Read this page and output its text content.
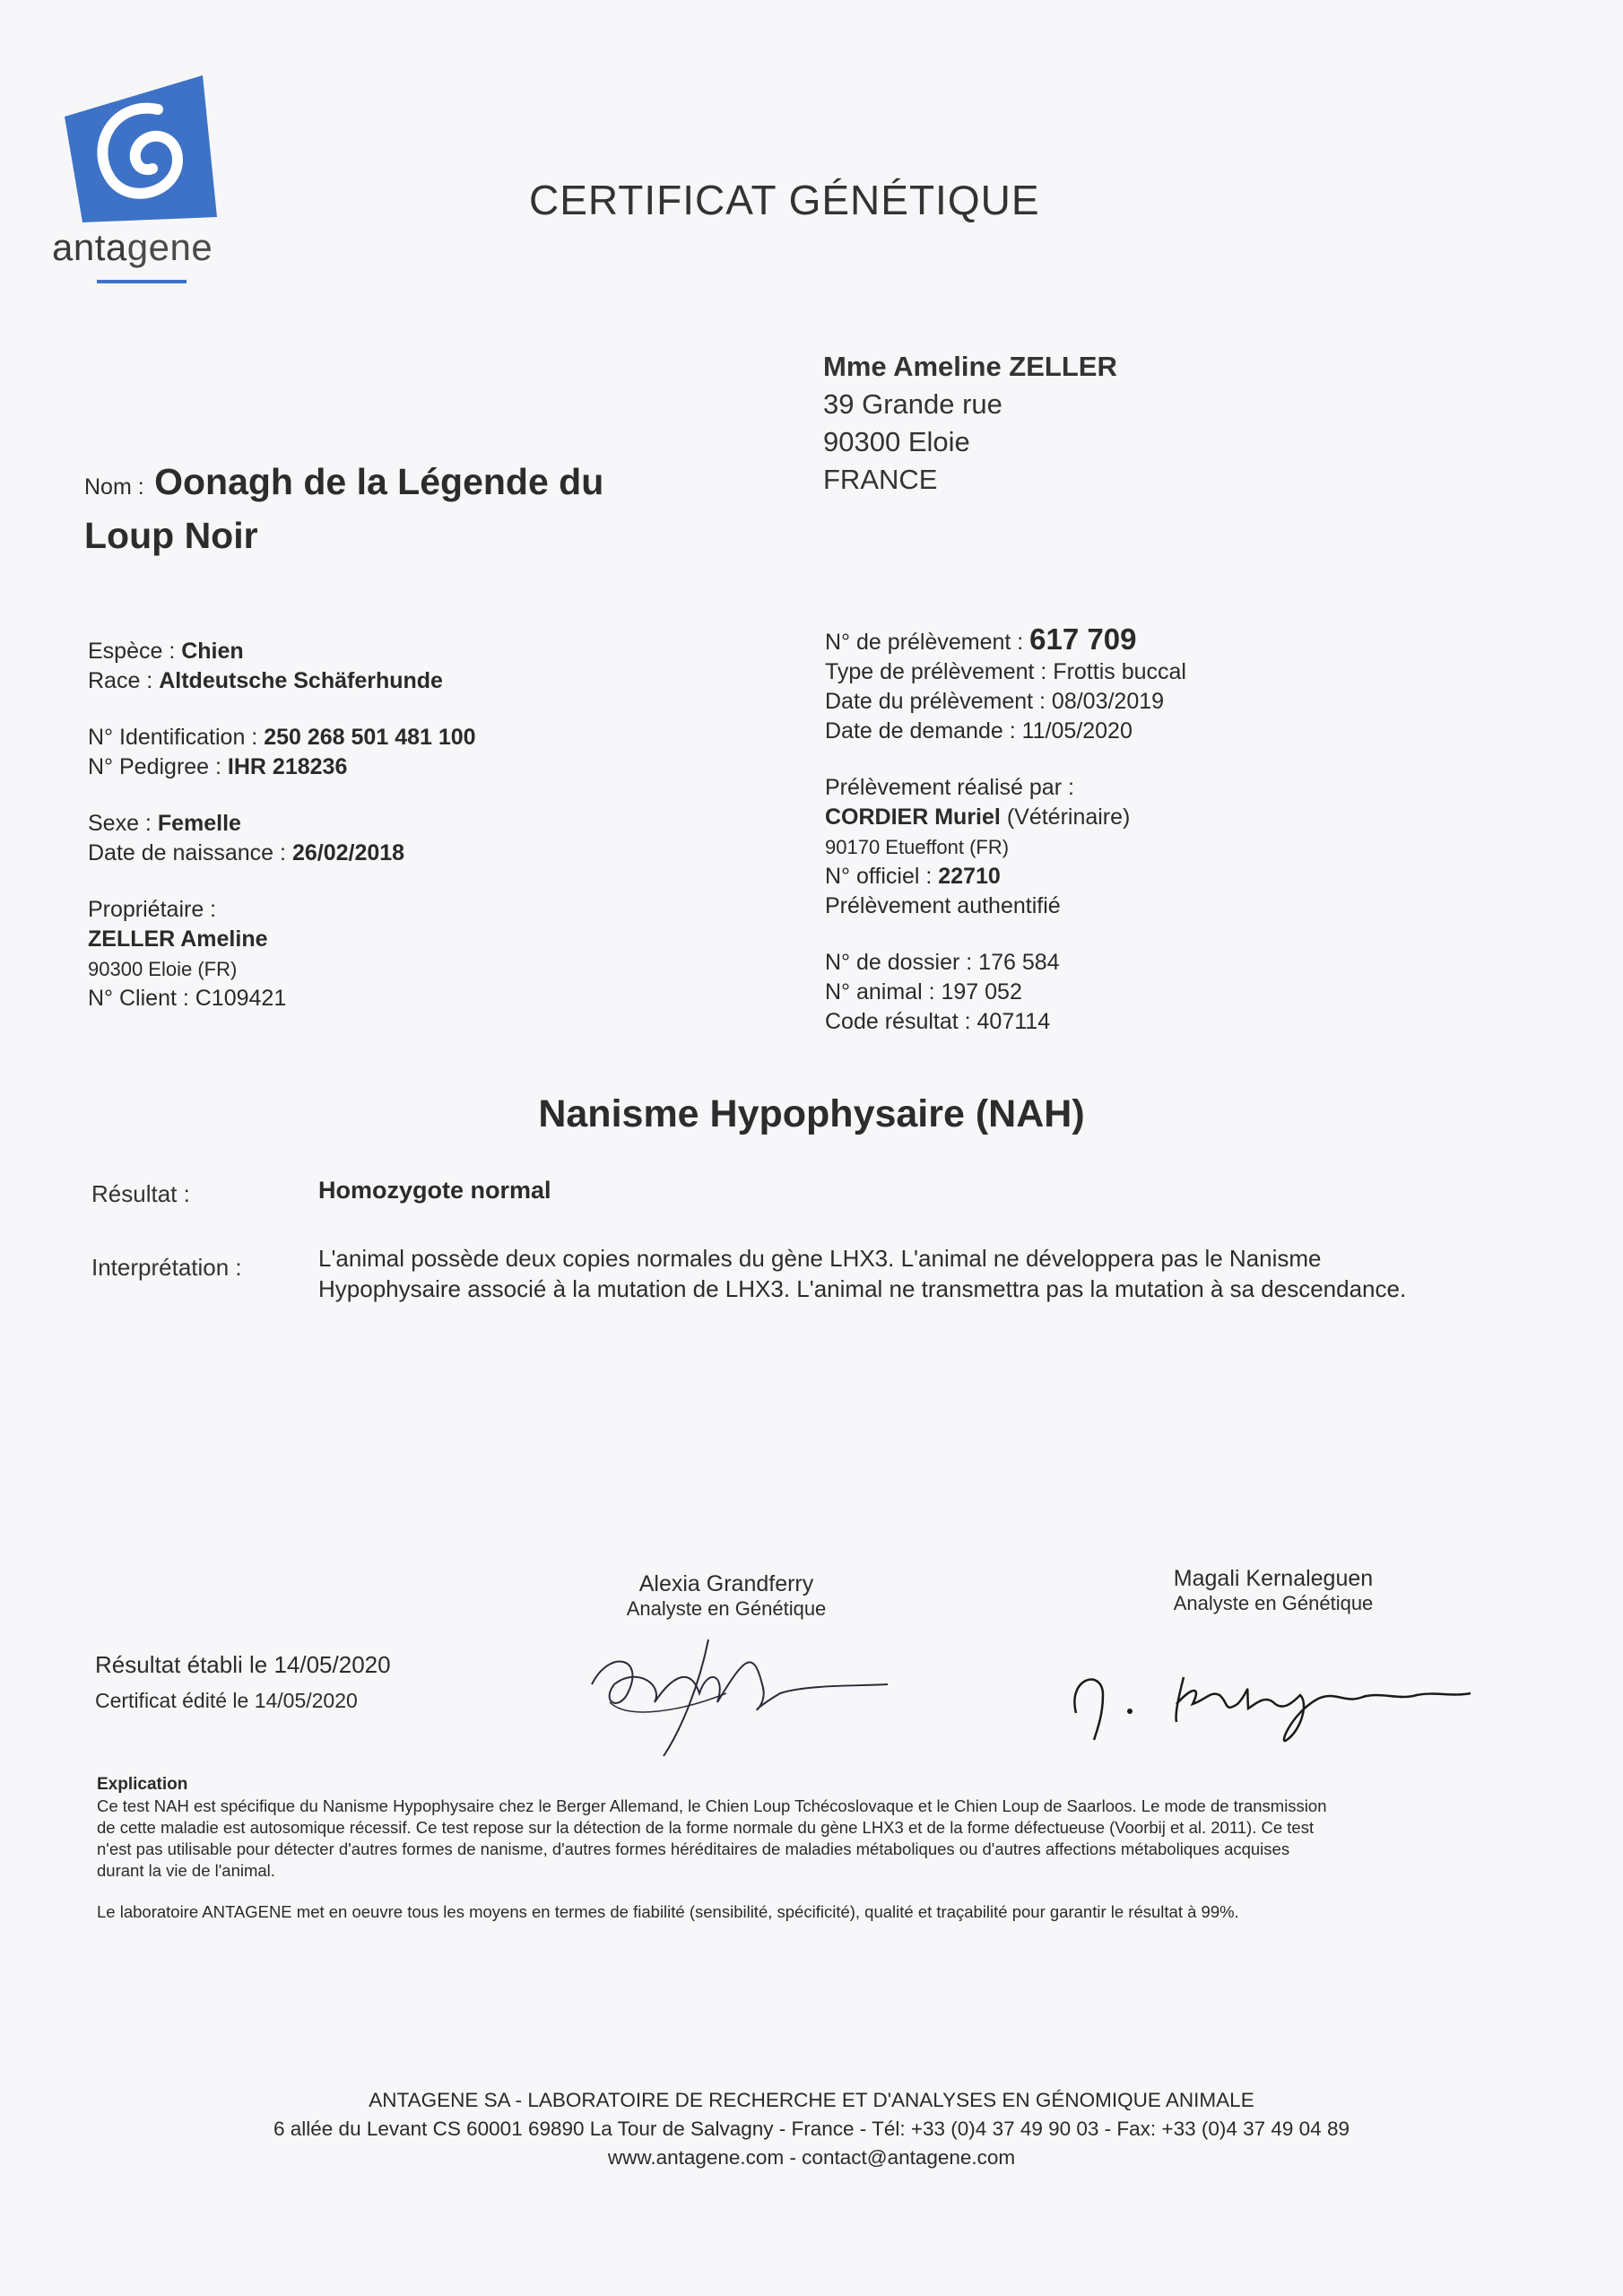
antagene
CERTIFICAT GÉNÉTIQUE
Mme Ameline ZELLER
39 Grande rue
90300 Eloie
FRANCE
Nom : Oonagh de la Légende du Loup Noir
Espèce : Chien
Race : Altdeutsche Schäferhunde
N° Identification : 250 268 501 481 100
N° Pedigree : IHR 218236
Sexe : Femelle
Date de naissance : 26/02/2018
Propriétaire :
ZELLER Ameline
90300 Eloie (FR)
N° Client : C109421
N° de prélèvement : 617 709
Type de prélèvement : Frottis buccal
Date du prélèvement : 08/03/2019
Date de demande : 11/05/2020
Prélèvement réalisé par :
CORDIER Muriel (Vétérinaire)
90170 Etueffont (FR)
N° officiel : 22710
Prélèvement authentifié
N° de dossier : 176 584
N° animal : 197 052
Code résultat : 407114
Nanisme Hypophysaire (NAH)
Résultat :	Homozygote normal
Interprétation :	L'animal possède deux copies normales du gène LHX3. L'animal ne développera pas le Nanisme
Hypophysaire associé à la mutation de LHX3. L'animal ne transmettra pas la mutation à sa descendance.
Résultat établi le 14/05/2020
Certificat édité le 14/05/2020
Alexia Grandferry
Analyste en Génétique
Magali Kernaleguen
Analyste en Génétique

Explication

Ce test NAH est spécifique du Nanisme Hypophysaire chez le Berger Allemand, le Chien Loup Tchécoslovaque et le Chien Loup de Saarloos. Le mode de transmission

de cette maladie est autosomique récessif. Ce test repose sur la détection de la forme normale du gène LHX3 et de la forme défectueuse (Voorbij et al. 2011). Ce test

n'est pas utilisable pour détecter d'autres formes de nanisme, d'autres formes héréditaires de maladies métaboliques ou d'autres affections métaboliques acquises

durant la vie de l'animal.

Le laboratoire ANTAGENE met en oeuvre tous les moyens en termes de fiabilité (sensibilité, spécificité), qualité et traçabilité pour garantir le résultat à 99%.

ANTAGENE SA - LABORATOIRE DE RECHERCHE ET D'ANALYSES EN GÉNOMIQUE ANIMALE
6 allée du Levant CS 60001 69890 La Tour de Salvagny - France - Tél: +33 (0)4 37 49 90 03 - Fax: +33 (0)4 37 49 04 89
www.antagene.com - contact@antagene.com
